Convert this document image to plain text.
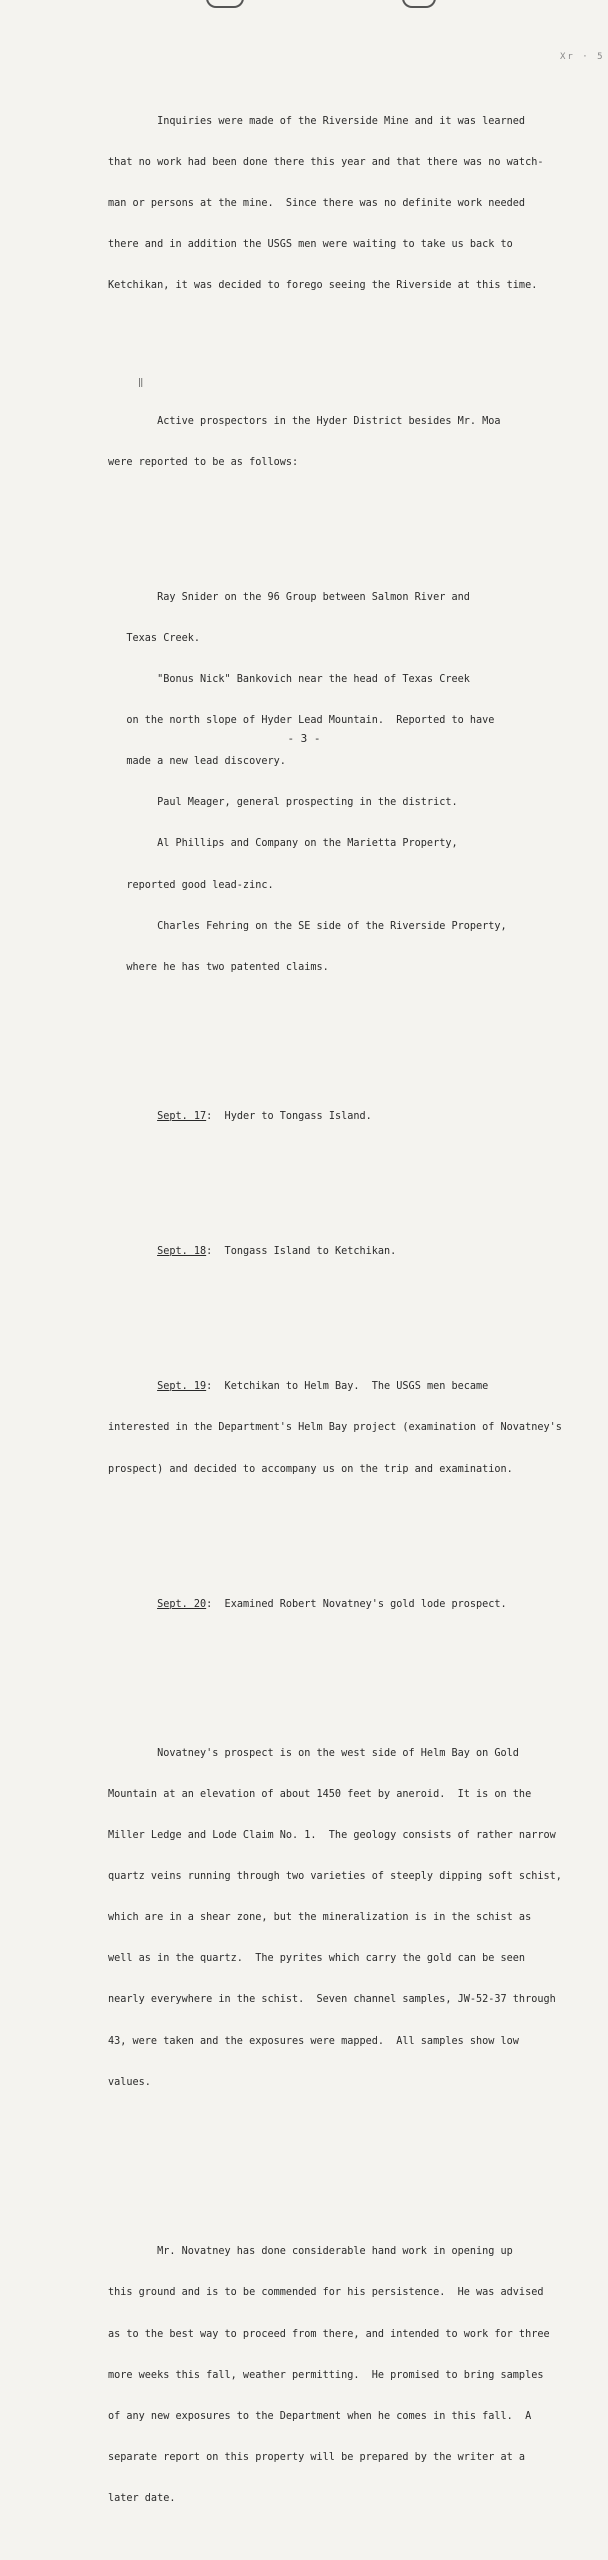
Xr · 5
‖

Inquiries were made of the Riverside Mine and it was learned

that no work had been done there this year and that there was no watch-

man or persons at the mine.  Since there was no definite work needed

there and in addition the USGS men were waiting to take us back to

Ketchikan, it was decided to forego seeing the Riverside at this time.

Active prospectors in the Hyder District besides Mr. Moa

were reported to be as follows:

Ray Snider on the 96 Group between Salmon River and

Texas Creek.

"Bonus Nick" Bankovich near the head of Texas Creek

on the north slope of Hyder Lead Mountain.  Reported to have

made a new lead discovery.

Paul Meager, general prospecting in the district.

Al Phillips and Company on the Marietta Property,

reported good lead-zinc.

Charles Fehring on the SE side of the Riverside Property,

where he has two patented claims.

Sept. 17:  Hyder to Tongass Island.

Sept. 18:  Tongass Island to Ketchikan.

Sept. 19:  Ketchikan to Helm Bay.  The USGS men became

interested in the Department's Helm Bay project (examination of Novatney's

prospect) and decided to accompany us on the trip and examination.

Sept. 20:  Examined Robert Novatney's gold lode prospect.

Novatney's prospect is on the west side of Helm Bay on Gold

Mountain at an elevation of about 1450 feet by aneroid.  It is on the

Miller Ledge and Lode Claim No. 1.  The geology consists of rather narrow

quartz veins running through two varieties of steeply dipping soft schist,

which are in a shear zone, but the mineralization is in the schist as

well as in the quartz.  The pyrites which carry the gold can be seen

nearly everywhere in the schist.  Seven channel samples, JW-52-37 through

43, were taken and the exposures were mapped.  All samples show low

values.

Mr. Novatney has done considerable hand work in opening up

this ground and is to be commended for his persistence.  He was advised

as to the best way to proceed from there, and intended to work for three

more weeks this fall, weather permitting.  He promised to bring samples

of any new exposures to the Department when he comes in this fall.  A

separate report on this property will be prepared by the writer at a

later date.

- 3 -
